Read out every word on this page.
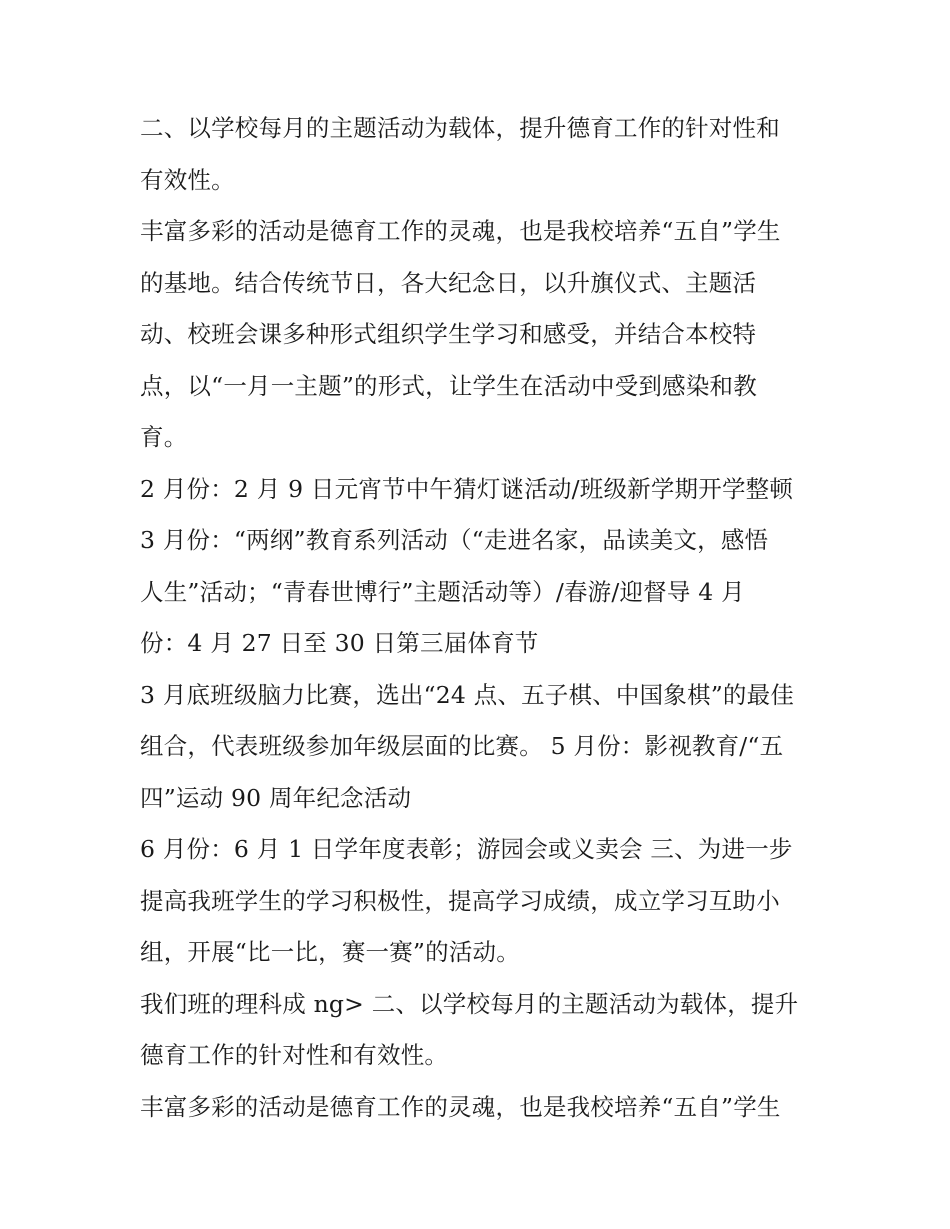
二、以学校每月的主题活动为载体，提升德育工作的针对性和
有效性。
丰富多彩的活动是德育工作的灵魂，也是我校培养“五自”学生
的基地。结合传统节日，各大纪念日，以升旗仪式、主题活
动、校班会课多种形式组织学生学习和感受，并结合本校特
点，以“一月一主题”的形式，让学生在活动中受到感染和教
育。
2 月份：2 月 9 日元宵节中午猜灯谜活动/班级新学期开学整顿
3 月份：“两纲”教育系列活动（“走进名家，品读美文，感悟
人生”活动；“青春世博行”主题活动等）/春游/迎督导 4 月
份：4 月 27 日至 30 日第三届体育节
3 月底班级脑力比赛，选出“24 点、五子棋、中国象棋”的最佳
组合，代表班级参加年级层面的比赛。 5 月份：影视教育/“五
四”运动 90 周年纪念活动
6 月份：6 月 1 日学年度表彰；游园会或义卖会 三、为进一步
提高我班学生的学习积极性，提高学习成绩，成立学习互助小
组，开展“比一比，赛一赛”的活动。
我们班的理科成 ng> 二、以学校每月的主题活动为载体，提升
德育工作的针对性和有效性。
丰富多彩的活动是德育工作的灵魂，也是我校培养“五自”学生
